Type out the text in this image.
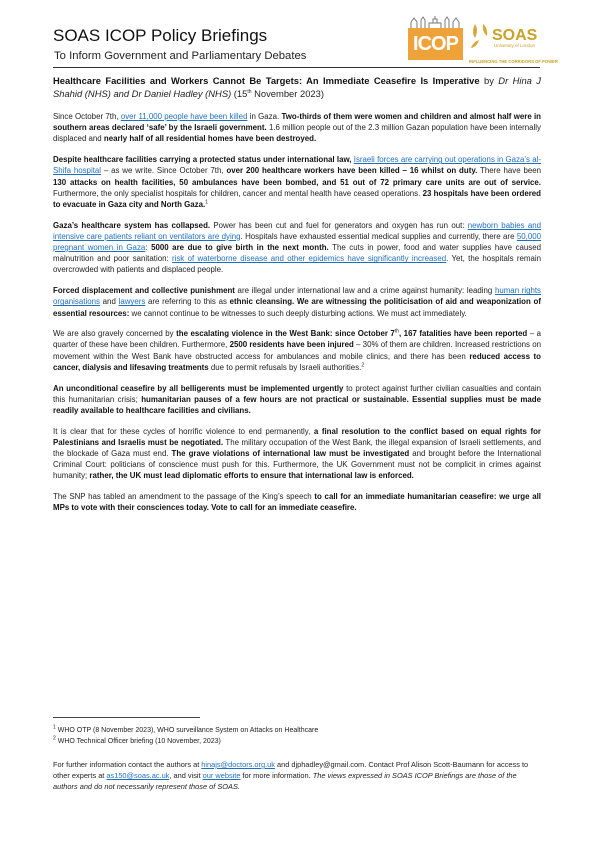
SOAS ICOP Policy Briefings
To Inform Government and Parliamentary Debates
ICOP	SOAS
University of London
INFLUENCING THE CORRIDORS OF POWER

Healthcare Facilities and Workers Cannot Be Targets: An Immediate Ceasefire Is Imperative by Dr Hina J Shahid (NHS) and Dr Daniel Hadley (NHS) (15th November 2023)

Since October 7th, over 11,000 people have been killed in Gaza. Two-thirds of them were women and children and almost half were in southern areas declared ‘safe’ by the Israeli government. 1.6 million people out of the 2.3 million Gazan population have been internally displaced and nearly half of all residential homes have been destroyed.

Despite healthcare facilities carrying a protected status under international law, Israeli forces are carrying out operations in Gaza’s al-Shifa hospital – as we write. Since October 7th, over 200 healthcare workers have been killed – 16 whilst on duty. There have been 130 attacks on health facilities, 50 ambulances have been bombed, and 51 out of 72 primary care units are out of service. Furthermore, the only specialist hospitals for children, cancer and mental health have ceased operations. 23 hospitals have been ordered to evacuate in Gaza city and North Gaza.$^1$

Gaza’s healthcare system has collapsed. Power has been cut and fuel for generators and oxygen has run out: newborn babies and intensive care patients reliant on ventilators are dying. Hospitals have exhausted essential medical supplies and currently, there are 50,000 pregnant women in Gaza: 5000 are due to give birth in the next month. The cuts in power, food and water supplies have caused malnutrition and poor sanitation: risk of waterborne disease and other epidemics have significantly increased. Yet, the hospitals remain overcrowded with patients and displaced people.

Forced displacement and collective punishment are illegal under international law and a crime against humanity: leading human rights organisations and lawyers are referring to this as ethnic cleansing. We are witnessing the politicisation of aid and weaponization of essential resources: we cannot continue to be witnesses to such deeply disturbing actions. We must act immediately.

We are also gravely concerned by the escalating violence in the West Bank: since October 7th, 167 fatalities have been reported – a quarter of these have been children. Furthermore, 2500 residents have been injured – 30% of them are children. Increased restrictions on movement within the West Bank have obstructed access for ambulances and mobile clinics, and there has been reduced access to cancer, dialysis and lifesaving treatments due to permit refusals by Israeli authorities.$^2$

An unconditional ceasefire by all belligerents must be implemented urgently to protect against further civilian casualties and contain this humanitarian crisis; humanitarian pauses of a few hours are not practical or sustainable. Essential supplies must be made readily available to healthcare facilities and civilians.

It is clear that for these cycles of horrific violence to end permanently, a final resolution to the conflict based on equal rights for Palestinians and Israelis must be negotiated. The military occupation of the West Bank, the illegal expansion of Israeli settlements, and the blockade of Gaza must end. The grave violations of international law must be investigated and brought before the International Criminal Court: politicians of conscience must push for this. Furthermore, the UK Government must not be complicit in crimes against humanity; rather, the UK must lead diplomatic efforts to ensure that international law is enforced.

The SNP has tabled an amendment to the passage of the King’s speech to call for an immediate humanitarian ceasefire: we urge all MPs to vote with their consciences today. Vote to call for an immediate ceasefire.

$^1$ WHO OTP (8 November 2023), WHO surveillance System on Attacks on Healthcare
$^2$ WHO Technical Officer briefing (10 November, 2023)
For further information contact the authors at hinajs@doctors.org.uk and djphadley@gmail.com. Contact Prof Alison Scott-Baumann for access to other experts at as150@soas.ac.uk, and visit our website for more information. The views expressed in SOAS ICOP Briefings are those of the authors and do not necessarily represent those of SOAS.
